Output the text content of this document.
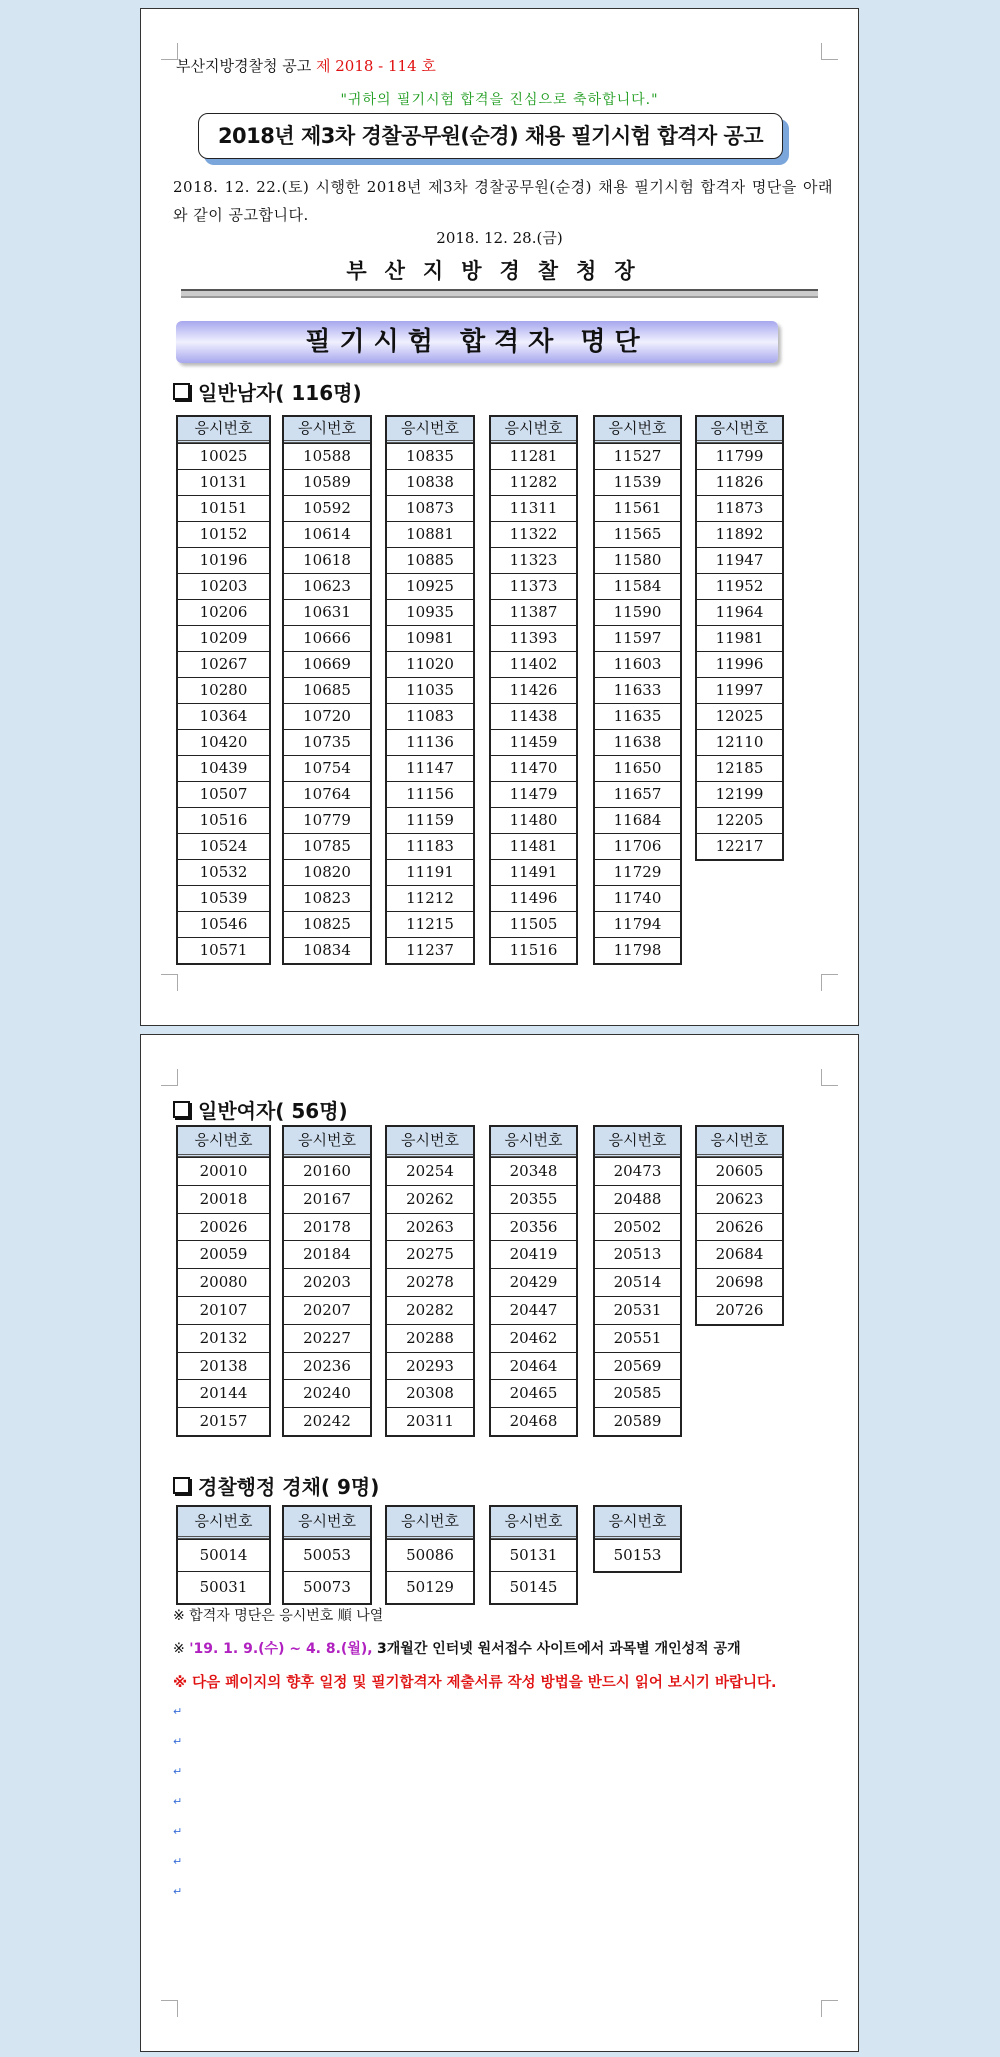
부산지방경찰청 공고 제 2018 - 114 호
"귀하의 필기시험 합격을 진심으로 축하합니다."
2018년 제3차 경찰공무원(순경) 채용 필기시험 합격자 공고
2018. 12. 22.(토) 시행한 2018년 제3차 경찰공무원(순경) 채용 필기시험 합격자 명단을 아래와 같이 공고합니다.
2018. 12. 28.(금)
부산지방경찰청장
필기시험 합격자 명단
일반남자( 116명)
응시번호
10025
10131
10151
10152
10196
10203
10206
10209
10267
10280
10364
10420
10439
10507
10516
10524
10532
10539
10546
10571
응시번호
10588
10589
10592
10614
10618
10623
10631
10666
10669
10685
10720
10735
10754
10764
10779
10785
10820
10823
10825
10834
응시번호
10835
10838
10873
10881
10885
10925
10935
10981
11020
11035
11083
11136
11147
11156
11159
11183
11191
11212
11215
11237
응시번호
11281
11282
11311
11322
11323
11373
11387
11393
11402
11426
11438
11459
11470
11479
11480
11481
11491
11496
11505
11516
응시번호
11527
11539
11561
11565
11580
11584
11590
11597
11603
11633
11635
11638
11650
11657
11684
11706
11729
11740
11794
11798
응시번호
11799
11826
11873
11892
11947
11952
11964
11981
11996
11997
12025
12110
12185
12199
12205
12217
일반여자( 56명)
응시번호
20010
20018
20026
20059
20080
20107
20132
20138
20144
20157
응시번호
20160
20167
20178
20184
20203
20207
20227
20236
20240
20242
응시번호
20254
20262
20263
20275
20278
20282
20288
20293
20308
20311
응시번호
20348
20355
20356
20419
20429
20447
20462
20464
20465
20468
응시번호
20473
20488
20502
20513
20514
20531
20551
20569
20585
20589
응시번호
20605
20623
20626
20684
20698
20726
경찰행정 경채( 9명)
응시번호
50014
50031
응시번호
50053
50073
응시번호
50086
50129
응시번호
50131
50145
응시번호
50153
※ 합격자 명단은 응시번호 順 나열
※ '19. 1. 9.(수) ~ 4. 8.(월), 3개월간 인터넷 원서접수 사이트에서 과목별 개인성적 공개
※ 다음 페이지의 향후 일정 및 필기합격자 제출서류 작성 방법을 반드시 읽어 보시기 바랍니다.
↵
↵
↵
↵
↵
↵
↵
